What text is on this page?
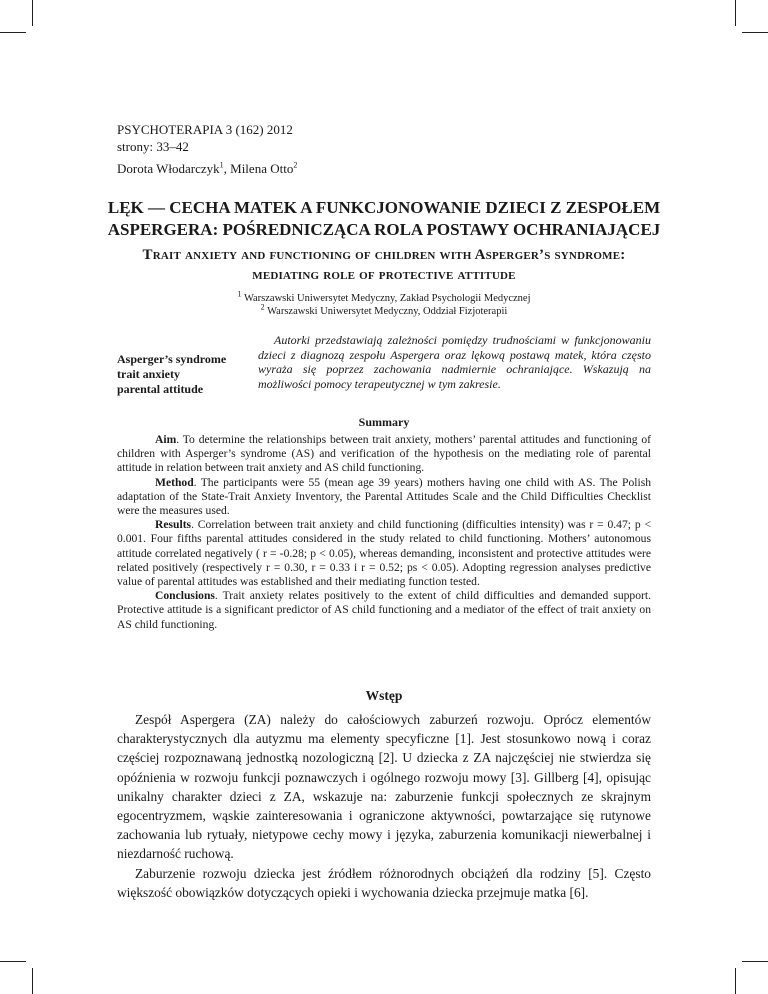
PSYCHOTERAPIA 3 (162) 2012
strony: 33–42
Dorota Włodarczyk$^1$, Milena Otto$^2$
LĘK — CECHA MATEK A FUNKCJONOWANIE DZIECI Z ZESPOŁEM
ASPERGERA: POŚREDNICZĄCA ROLA POSTAWY OCHRANIAJĄCEJ
Trait anxiety and functioning of children with Asperger’s syndrome:
mediating role of protective attitude
$^1$ Warszawski Uniwersytet Medyczny, Zakład Psychologii Medycznej
$^2$ Warszawski Uniwersytet Medyczny, Oddział Fizjoterapii
Asperger’s syndrome
trait anxiety
parental attitude
Autorki przedstawiają zależności pomiędzy trudnościami w funkcjonowaniu dzieci z diagnozą zespołu Aspergera oraz lękową postawą matek, która często wyraża się poprzez zachowania nadmiernie ochraniające. Wskazują na możliwości pomocy terapeutycznej w tym zakresie.
Summary

Aim. To determine the relationships between trait anxiety, mothers’ parental attitudes and functioning of children with Asperger’s syndrome (AS) and verification of the hypothesis on the mediating role of parental attitude in relation between trait anxiety and AS child functioning.

Method. The participants were 55 (mean age 39 years) mothers having one child with AS. The Polish adaptation of the State-Trait Anxiety Inventory, the Parental Attitudes Scale and the Child Difficulties Checklist were the measures used.

Results. Correlation between trait anxiety and child functioning (difficulties intensity) was r = 0.47; p < 0.001. Four fifths parental attitudes considered in the study related to child functioning. Mothers’ autonomous attitude correlated negatively ( r = -0.28; p < 0.05), whereas demanding, inconsistent and protective attitudes were related positively (respectively r = 0.30, r = 0.33 i r = 0.52; ps < 0.05). Adopting regression analyses predictive value of parental attitudes was established and their mediating function tested.

Conclusions. Trait anxiety relates positively to the extent of child difficulties and demanded support. Protective attitude is a significant predictor of AS child functioning and a mediator of the effect of trait anxiety on AS child functioning.

Wstęp

Zespół Aspergera (ZA) należy do całościowych zaburzeń rozwoju. Oprócz elementów charakterystycznych dla autyzmu ma elementy specyficzne [1]. Jest stosunkowo nową i coraz częściej rozpoznawaną jednostką nozologiczną [2]. U dziecka z ZA najczęściej nie stwierdza się opóźnienia w rozwoju funkcji poznawczych i ogólnego rozwoju mowy [3]. Gillberg [4], opisując unikalny charakter dzieci z ZA, wskazuje na: zaburzenie funkcji społecznych ze skrajnym egocentryzmem, wąskie zainteresowania i ograniczone aktywności, powtarzające się rutynowe zachowania lub rytuały, nietypowe cechy mowy i języka, zaburzenia komunikacji niewerbalnej i niezdarność ruchową.

Zaburzenie rozwoju dziecka jest źródłem różnorodnych obciążeń dla rodziny [5]. Często większość obowiązków dotyczących opieki i wychowania dziecka przejmuje matka [6].
